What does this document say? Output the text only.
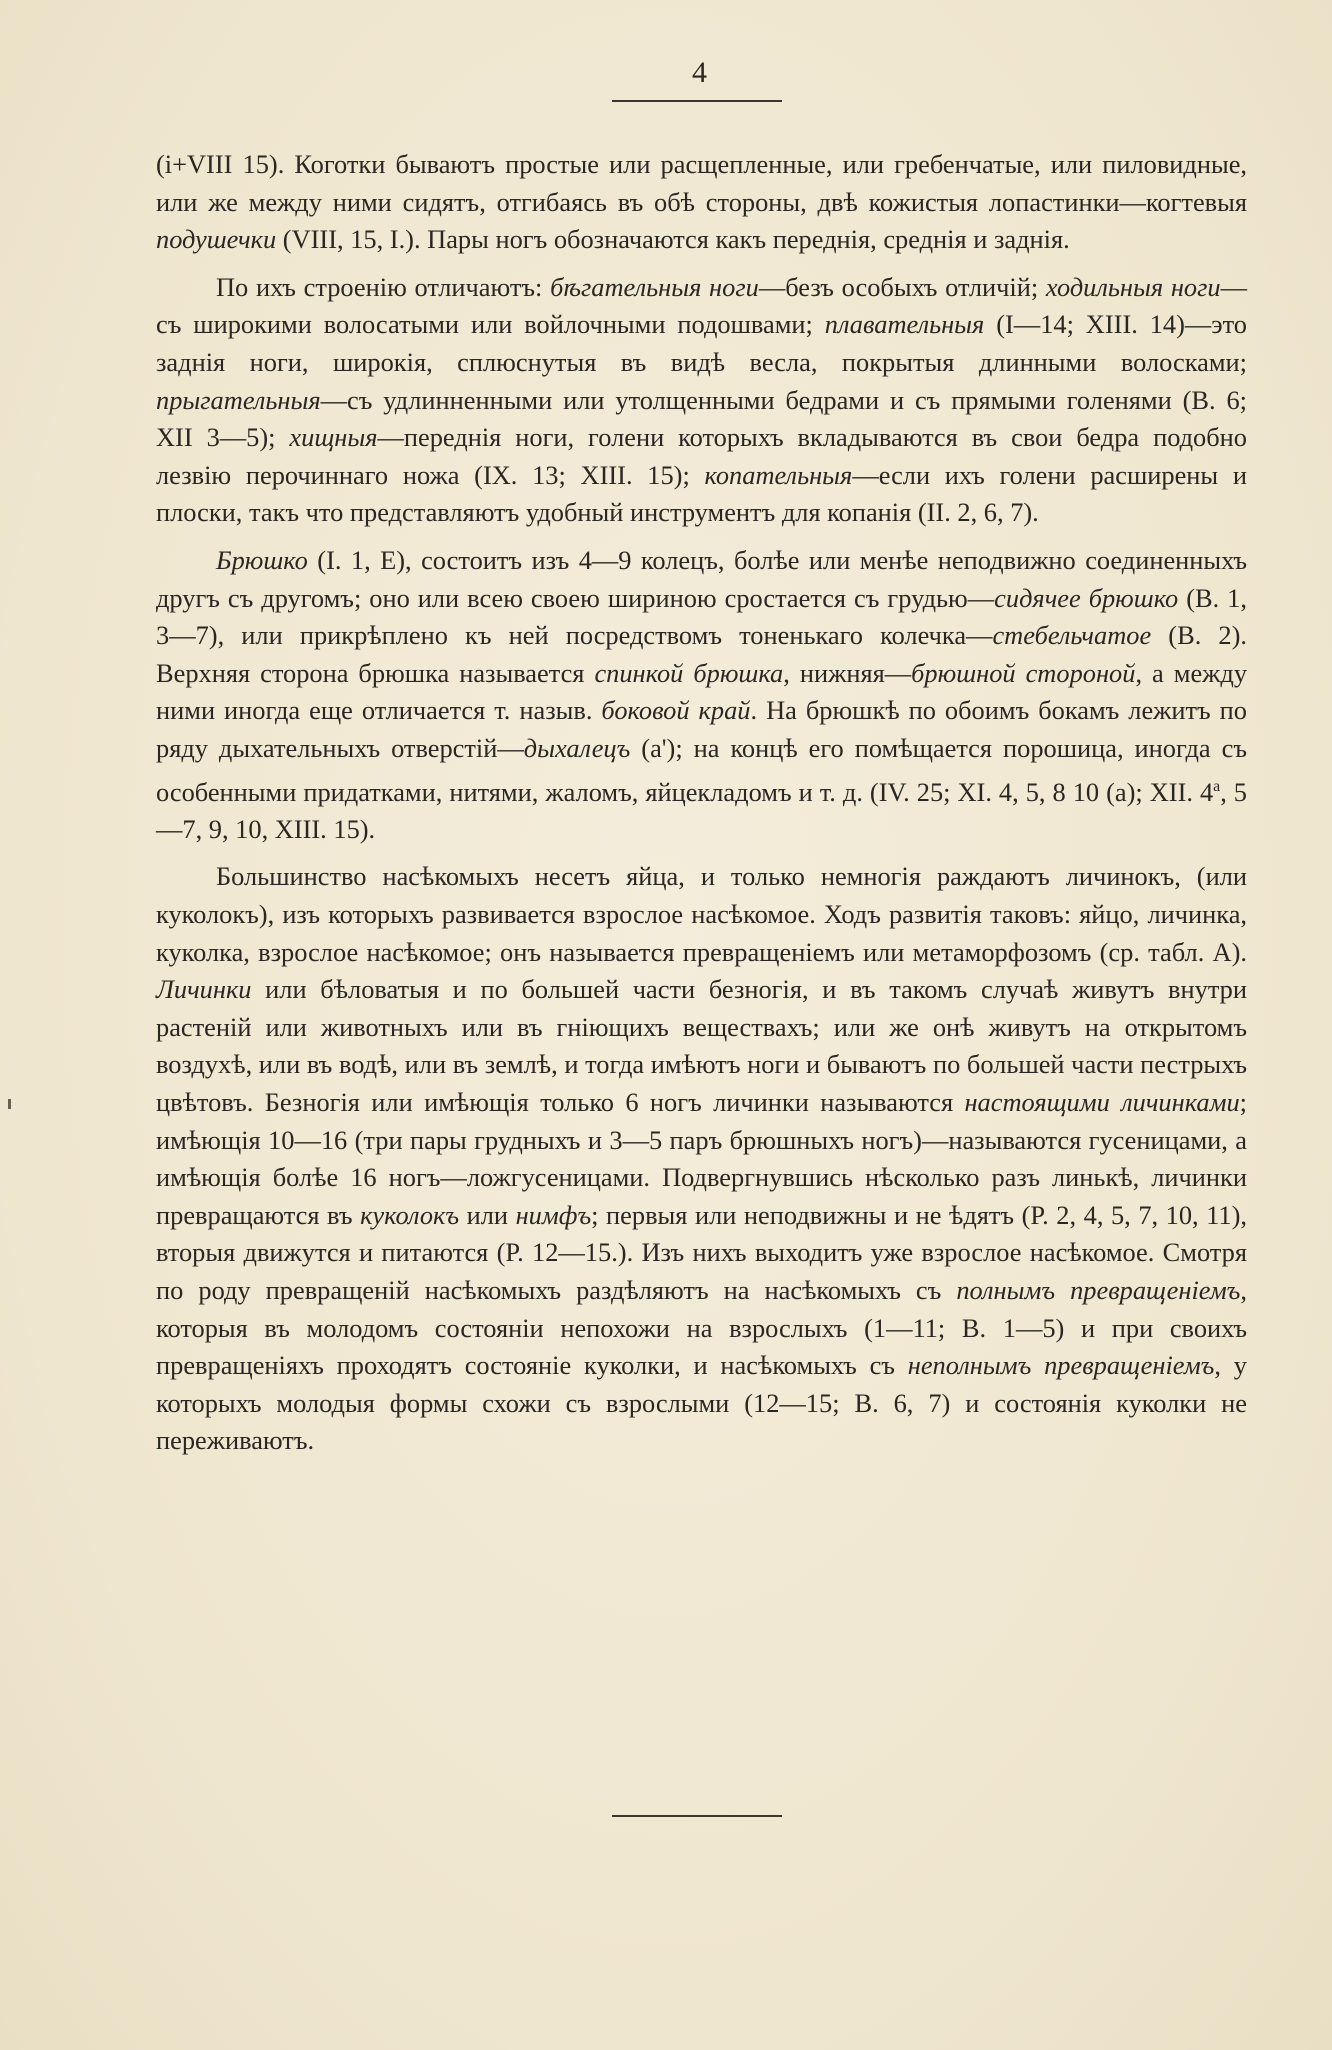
4

(i+VIII 15). Коготки бываютъ простые или расщепленные, или гребенчатые, или пиловидные, или же между ними сидятъ, отгибаясь въ обѣ стороны, двѣ кожистыя лопастинки—когтевыя подушечки (VIII, 15, I.). Пары ногъ обозначаются какъ переднія, среднія и заднія.

По ихъ строенію отличаютъ: бѣгательныя ноги—безъ особыхъ отличій; ходильныя ноги—съ широкими волосатыми или войлочными подошвами; плавательныя (I—14; XIII. 14)—это заднія ноги, широкія, сплюснутыя въ видѣ весла, покрытыя длинными волосками; прыгательныя—съ удлинненными или утолщенными бедрами и съ прямыми голенями (B. 6; XII 3—5); хищныя—переднія ноги, голени которыхъ вкладываются въ свои бедра подобно лезвію перочиннаго ножа (IX. 13; XIII. 15); копательныя—если ихъ голени расширены и плоски, такъ что представляютъ удобный инструментъ для копанія (II. 2, 6, 7).

Брюшко (I. 1, E), состоитъ изъ 4—9 колецъ, болѣе или менѣе неподвижно соединенныхъ другъ съ другомъ; оно или всею своею шириною сростается съ грудью—сидячее брюшко (B. 1, 3—7), или прикрѣплено къ ней посредствомъ тоненькаго колечка—стебельчатое (B. 2). Верхняя сторона брюшка называется спинкой брюшка, нижняя—брюшной стороной, а между ними иногда еще отличается т. назыв. боковой край. На брюшкѣ по обоимъ бокамъ лежитъ по ряду дыхательныхъ отверстій—дыхалецъ (a'); на концѣ его помѣщается порошица, иногда съ особенными придатками, нитями, жаломъ, яйцекладомъ и т. д. (IV. 25; XI. 4, 5, 8 10 (a); XII. 4$^a$, 5—7, 9, 10, XIII. 15).

Большинство насѣкомыхъ несетъ яйца, и только немногія раждаютъ личинокъ, (или куколокъ), изъ которыхъ развивается взрослое насѣкомое. Ходъ развитія таковъ: яйцо, личинка, куколка, взрослое насѣкомое; онъ называется превращеніемъ или метаморфозомъ (ср. табл. A). Личинки или бѣловатыя и по большей части безногія, и въ такомъ случаѣ живутъ внутри растеній или животныхъ или въ гніющихъ веществахъ; или же онѣ живутъ на открытомъ воздухѣ, или въ водѣ, или въ землѣ, и тогда имѣютъ ноги и бываютъ по большей части пестрыхъ цвѣтовъ. Безногія или имѣющія только 6 ногъ личинки называются настоящими личинками; имѣющія 10—16 (три пары грудныхъ и 3—5 паръ брюшныхъ ногъ)—называются гусеницами, а имѣющія болѣе 16 ногъ—ложгусеницами. Подвергнувшись нѣсколько разъ линькѣ, личинки превращаются въ куколокъ или нимфъ; первыя или неподвижны и не ѣдятъ (P. 2, 4, 5, 7, 10, 11), вторыя движутся и питаются (P. 12—15.). Изъ нихъ выходитъ уже взрослое насѣкомое. Смотря по роду превращеній насѣкомыхъ раздѣляютъ на насѣкомыхъ съ полнымъ превращеніемъ, которыя въ молодомъ состояніи непохожи на взрослыхъ (1—11; B. 1—5) и при своихъ превращеніяхъ проходятъ состояніе куколки, и насѣкомыхъ съ неполнымъ превращеніемъ, у которыхъ молодыя формы схожи съ взрослыми (12—15; B. 6, 7) и состоянія куколки не переживаютъ.
